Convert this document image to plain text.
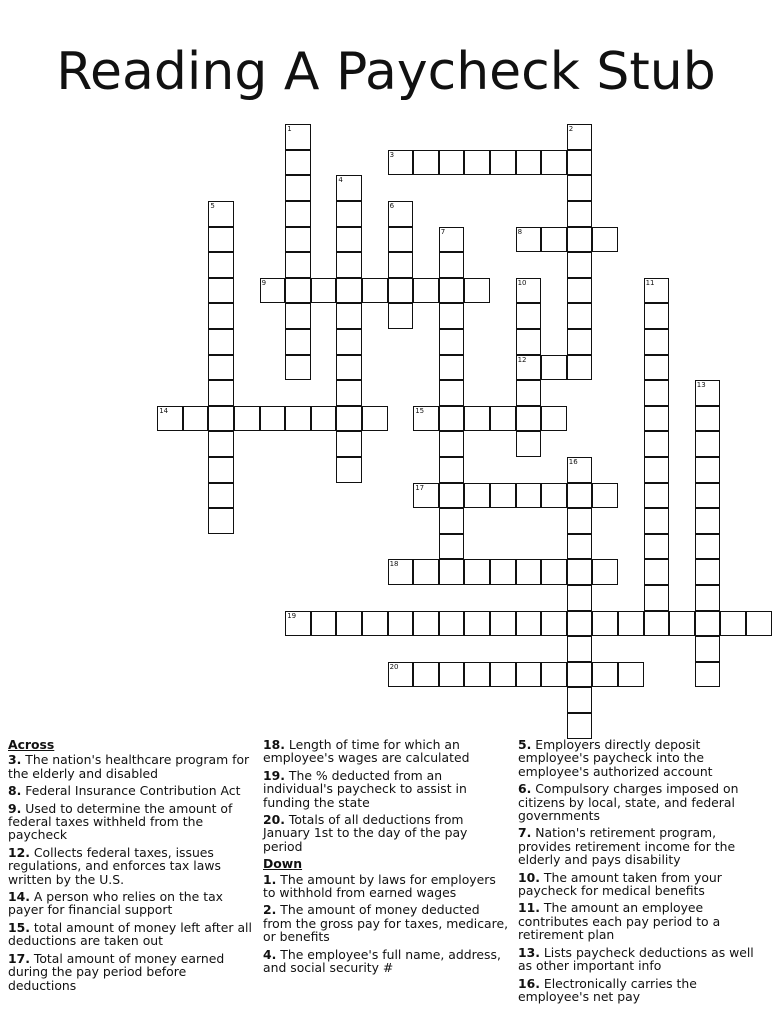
Reading A Paycheck Stub
3
8
9
12
14	15
17
18
19
20
1	2
4
5	6
7
10	11
13
16
Across
3. The nation's healthcare program for the elderly and disabled
8. Federal Insurance Contribution Act
9. Used to determine the amount of federal taxes withheld from the paycheck
12. Collects federal taxes, issues regulations, and enforces tax laws written by the U.S.
14. A person who relies on the tax payer for financial support
15. total amount of money left after all deductions are taken out
17. Total amount of money earned during the pay period before deductions
18. Length of time for which an employee's wages are calculated
19. The % deducted from an individual's paycheck to assist in funding the state
20. Totals of all deductions from January 1st to the day of the pay period
Down
1. The amount by laws for employers to withhold from earned wages
2. The amount of money deducted from the gross pay for taxes, medicare, or benefits
4. The employee's full name, address, and social security #
5. Employers directly deposit employee's paycheck into the employee's authorized account
6. Compulsory charges imposed on citizens by local, state, and federal governments
7. Nation's retirement program, provides retirement income for the elderly and pays disability
10. The amount taken from your paycheck for medical benefits
11. The amount an employee contributes each pay period to a retirement plan
13. Lists paycheck deductions as well as other important info
16. Electronically carries the employee's net pay
